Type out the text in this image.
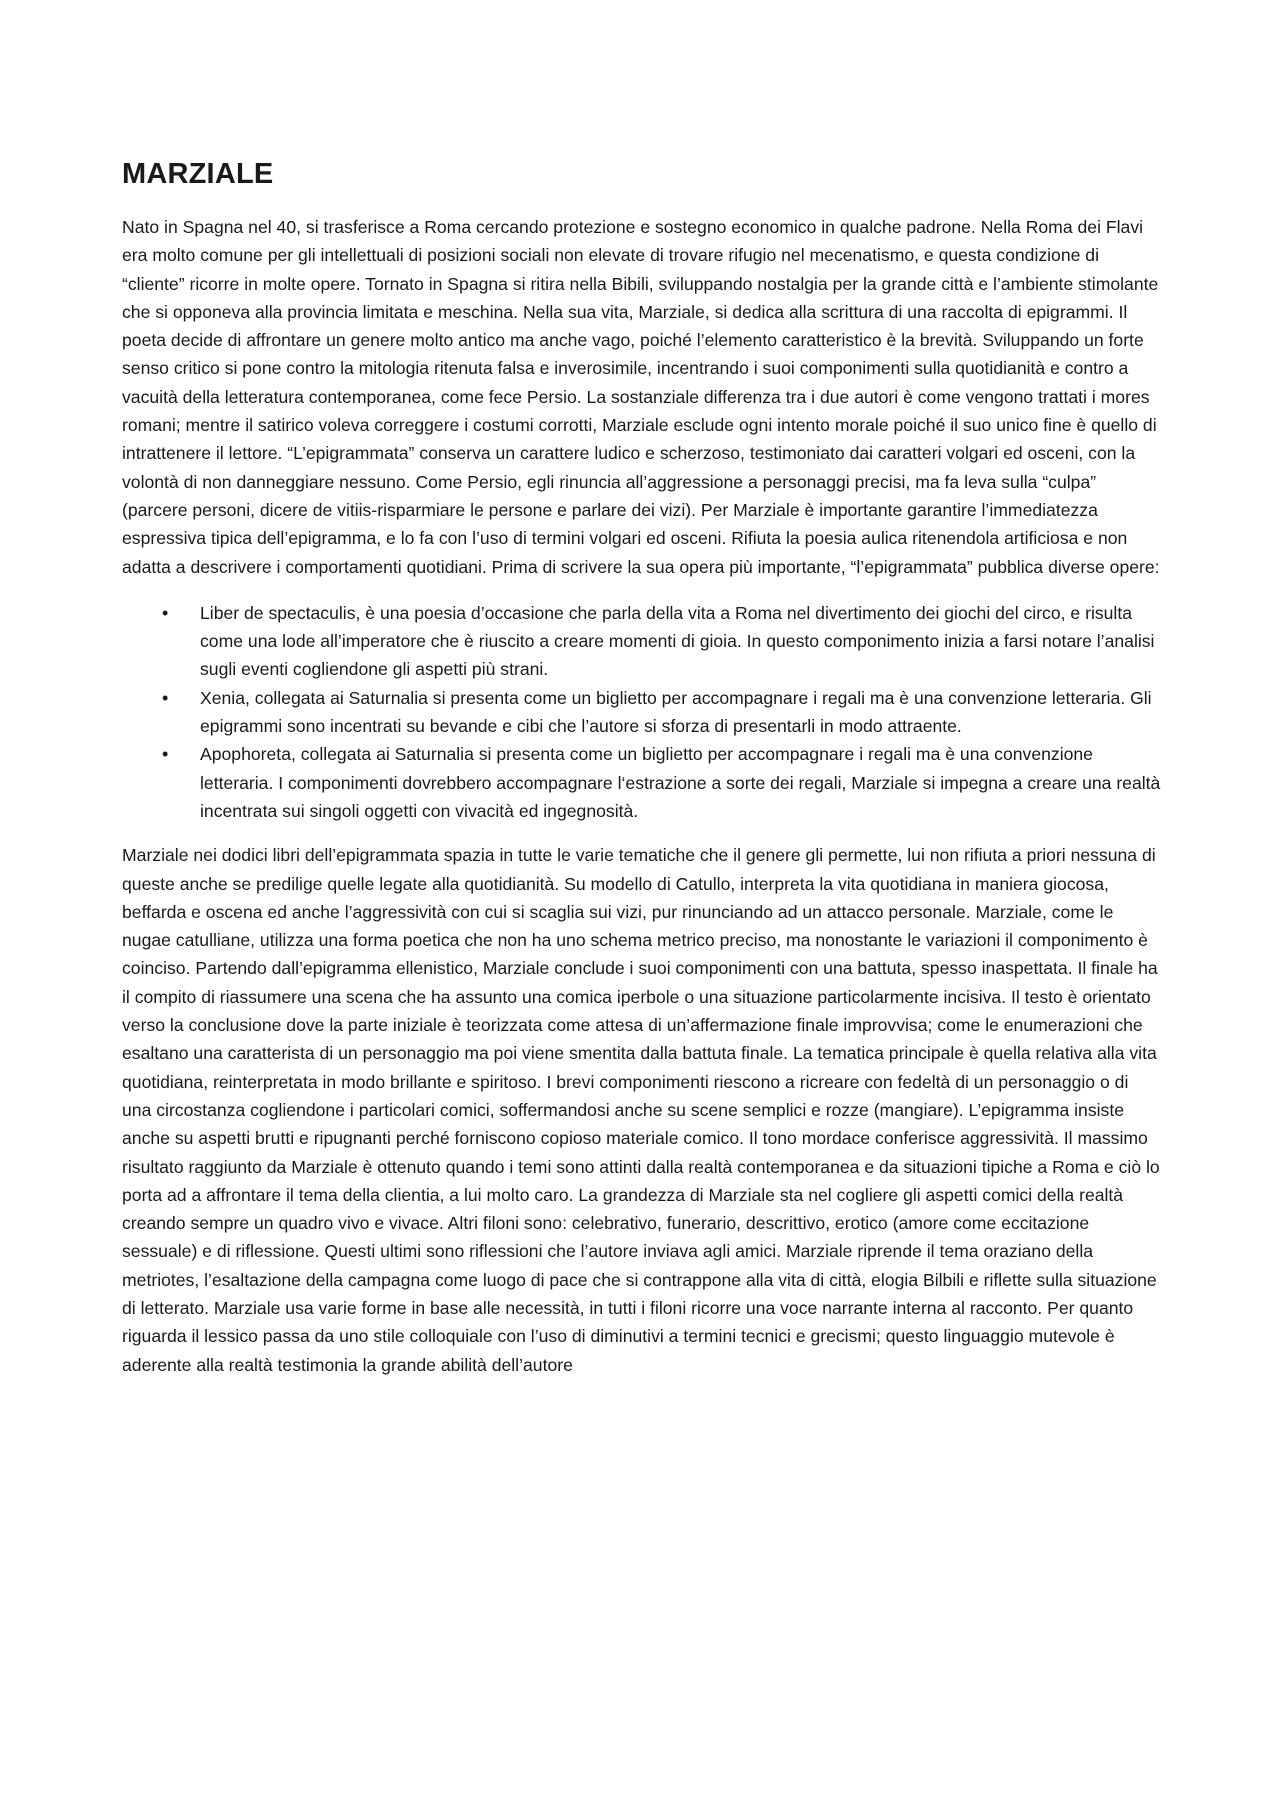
MARZIALE

Nato in Spagna nel 40, si trasferisce a Roma cercando protezione e sostegno economico in qualche padrone. Nella Roma dei Flavi era molto comune per gli intellettuali di posizioni sociali non elevate di trovare rifugio nel mecenatismo, e questa condizione di “cliente” ricorre in molte opere. Tornato in Spagna si ritira nella Bibili, sviluppando nostalgia per la grande città e l’ambiente stimolante che si opponeva alla provincia limitata e meschina. Nella sua vita, Marziale, si dedica alla scrittura di una raccolta di epigrammi. Il poeta decide di affrontare un genere molto antico ma anche vago, poiché l’elemento caratteristico è la brevità. Sviluppando un forte senso critico si pone contro la mitologia ritenuta falsa e inverosimile, incentrando i suoi componimenti sulla quotidianità e contro a vacuità della letteratura contemporanea, come fece Persio. La sostanziale differenza tra i due autori è come vengono trattati i mores romani; mentre il satirico voleva correggere i costumi corrotti, Marziale esclude ogni intento morale poiché il suo unico fine è quello di intrattenere il lettore. “L’epigrammata” conserva un carattere ludico e scherzoso, testimoniato dai caratteri volgari ed osceni, con la volontà di non danneggiare nessuno. Come Persio, egli rinuncia all’aggressione a personaggi precisi, ma fa leva sulla “culpa” (parcere personi, dicere de vitiis-risparmiare le persone e parlare dei vizi). Per Marziale è importante garantire l’immediatezza espressiva tipica dell’epigramma, e lo fa con l’uso di termini volgari ed osceni. Rifiuta la poesia aulica ritenendola artificiosa e non adatta a descrivere i comportamenti quotidiani. Prima di scrivere la sua opera più importante, “l’epigrammata” pubblica diverse opere:

• Liber de spectaculis, è una poesia d’occasione che parla della vita a Roma nel divertimento dei giochi del circo, e risulta come una lode all’imperatore che è riuscito a creare momenti di gioia. In questo componimento inizia a farsi notare l’analisi sugli eventi cogliendone gli aspetti più strani.
• Xenia, collegata ai Saturnalia si presenta come un biglietto per accompagnare i regali ma è una convenzione letteraria. Gli epigrammi sono incentrati su bevande e cibi che l’autore si sforza di presentarli in modo attraente.
• Apophoreta, collegata ai Saturnalia si presenta come un biglietto per accompagnare i regali ma è una convenzione letteraria. I componimenti dovrebbero accompagnare l‘estrazione a sorte dei regali, Marziale si impegna a creare una realtà incentrata sui singoli oggetti con vivacità ed ingegnosità.

Marziale nei dodici libri dell’epigrammata spazia in tutte le varie tematiche che il genere gli permette, lui non rifiuta a priori nessuna di queste anche se predilige quelle legate alla quotidianità. Su modello di Catullo, interpreta la vita quotidiana in maniera giocosa, beffarda e oscena ed anche l’aggressività con cui si scaglia sui vizi, pur rinunciando ad un attacco personale. Marziale, come le nugae catulliane, utilizza una forma poetica che non ha uno schema metrico preciso, ma nonostante le variazioni il componimento è coinciso. Partendo dall’epigramma ellenistico, Marziale conclude i suoi componimenti con una battuta, spesso inaspettata. Il finale ha il compito di riassumere una scena che ha assunto una comica iperbole o una situazione particolarmente incisiva. Il testo è orientato verso la conclusione dove la parte iniziale è teorizzata come attesa di un’affermazione finale improvvisa; come le enumerazioni che esaltano una caratterista di un personaggio ma poi viene smentita dalla battuta finale. La tematica principale è quella relativa alla vita quotidiana, reinterpretata in modo brillante e spiritoso. I brevi componimenti riescono a ricreare con fedeltà di un personaggio o di una circostanza cogliendone i particolari comici, soffermandosi anche su scene semplici e rozze (mangiare). L’epigramma insiste anche su aspetti brutti e ripugnanti perché forniscono copioso materiale comico. Il tono mordace conferisce aggressività. Il massimo risultato raggiunto da Marziale è ottenuto quando i temi sono attinti dalla realtà contemporanea e da situazioni tipiche a Roma e ciò lo porta ad a affrontare il tema della clientia, a lui molto caro. La grandezza di Marziale sta nel cogliere gli aspetti comici della realtà creando sempre un quadro vivo e vivace. Altri filoni sono: celebrativo, funerario, descrittivo, erotico (amore come eccitazione sessuale) e di riflessione. Questi ultimi sono riflessioni che l’autore inviava agli amici. Marziale riprende il tema oraziano della metriotes, l’esaltazione della campagna come luogo di pace che si contrappone alla vita di città, elogia Bilbili e riflette sulla situazione di letterato. Marziale usa varie forme in base alle necessità, in tutti i filoni ricorre una voce narrante interna al racconto. Per quanto riguarda il lessico passa da uno stile colloquiale con l’uso di diminutivi a termini tecnici e grecismi; questo linguaggio mutevole è aderente alla realtà testimonia la grande abilità dell’autore
